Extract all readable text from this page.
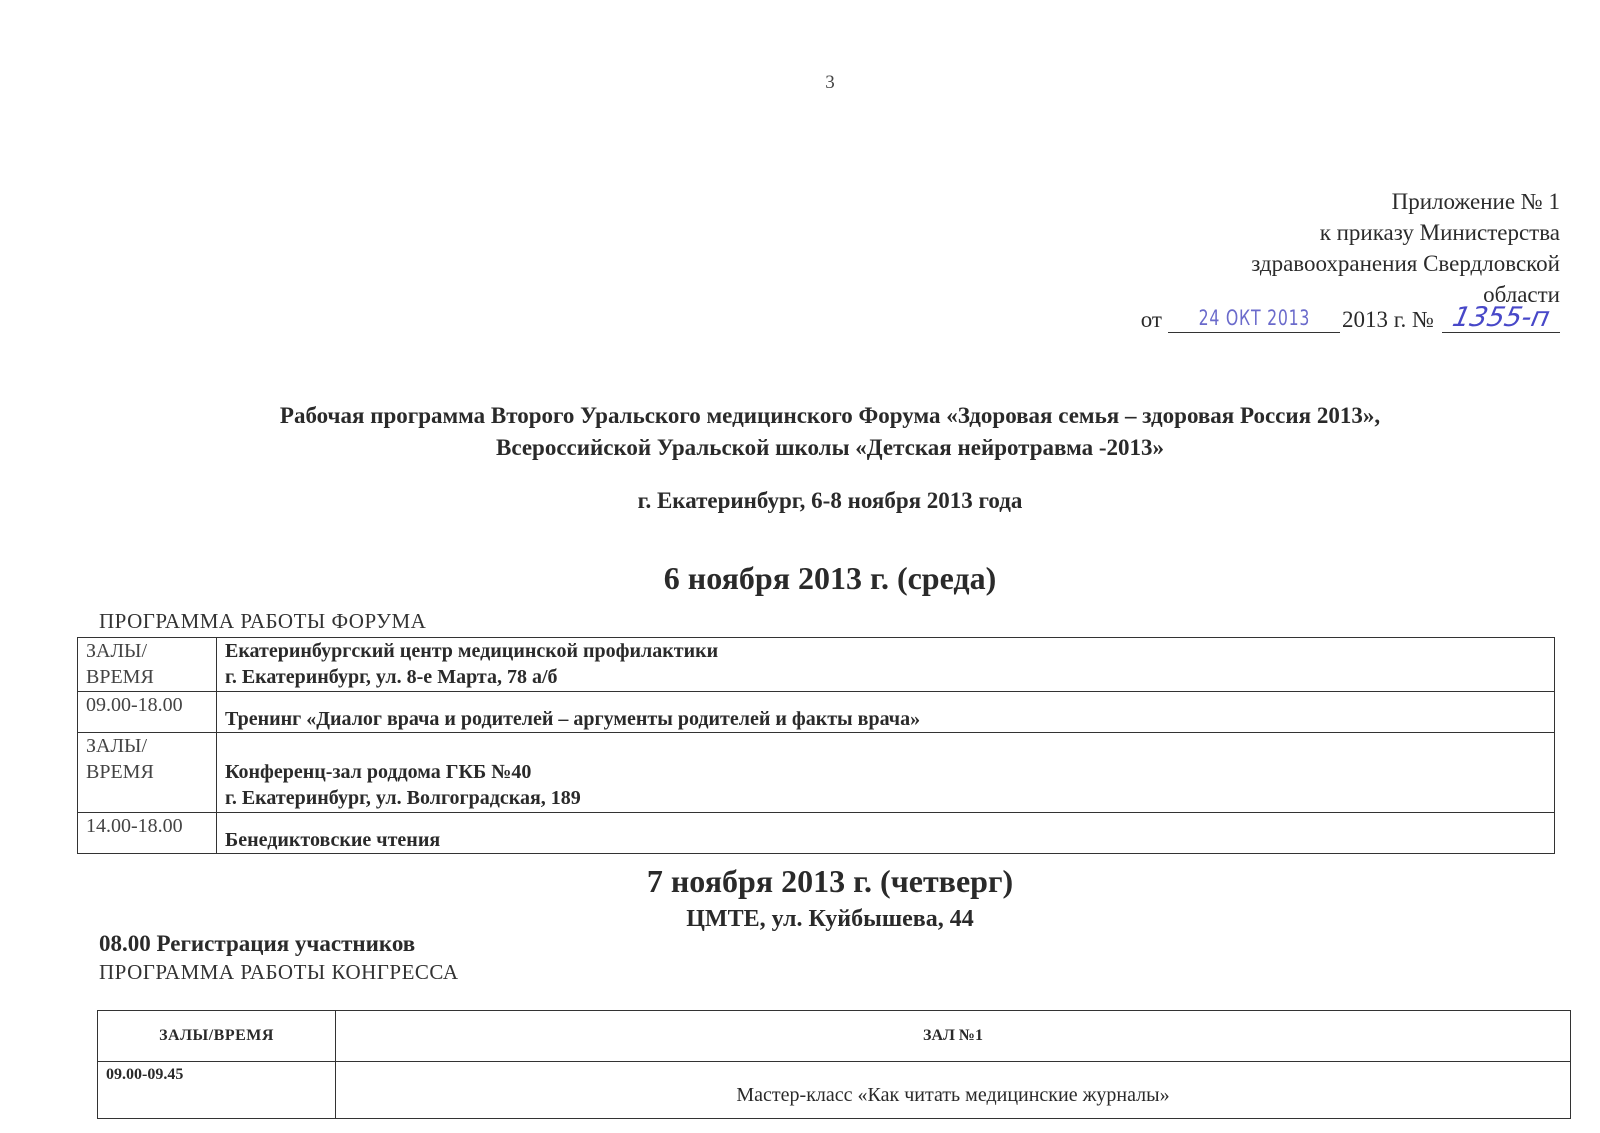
3
Приложение № 1
к приказу Министерства
здравоохранения Свердловской
области
от	24 ОКТ 2013	2013 г. № 1355-п
Рабочая программа Второго Уральского медицинского Форума «Здоровая семья – здоровая Россия 2013»,
Всероссийской Уральской школы «Детская нейротравма -2013»
г. Екатеринбург, 6-8 ноября 2013 года
6 ноября 2013 г. (среда)
ПРОГРАММА РАБОТЫ ФОРУМА
ЗАЛЫ/ ВРЕМЯ	Екатеринбургский центр медицинской профилактики
г. Екатеринбург, ул. 8-е Марта, 78 а/б

09.00-18.00	Тренинг «Диалог врача и родителей – аргументы родителей и факты врача»

ЗАЛЫ/ ВРЕМЯ	Конференц-зал роддома ГКБ №40
г. Екатеринбург, ул. Волгоградская, 189

14.00-18.00	Бенедиктовские чтения
7 ноября 2013 г. (четверг)
ЦМТЕ, ул. Куйбышева, 44
08.00 Регистрация участников
ПРОГРАММА РАБОТЫ КОНГРЕССА
ЗАЛЫ/ВРЕМЯ	ЗАЛ №1
09.00-09.45	Мастер-класс «Как читать медицинские журналы»
